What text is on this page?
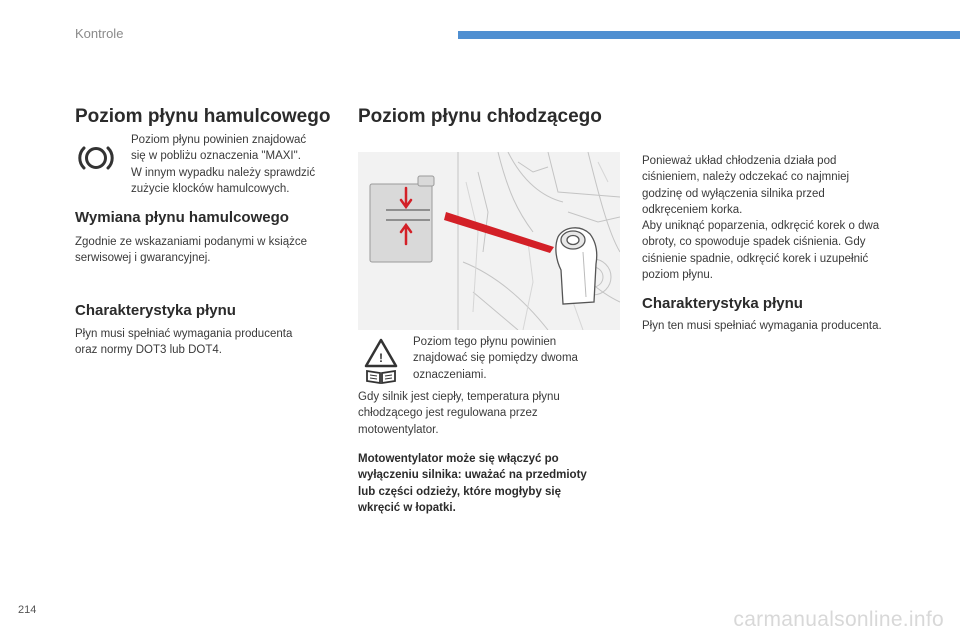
Kontrole
Poziom płynu hamulcowego
Poziom płynu powinien znajdować
się w pobliżu oznaczenia "MAXI".
W innym wypadku należy sprawdzić
zużycie klocków hamulcowych.
Wymiana płynu hamulcowego
Zgodnie ze wskazaniami podanymi w książce
serwisowej i gwarancyjnej.
Charakterystyka płynu
Płyn musi spełniać wymagania producenta
oraz normy DOT3 lub DOT4.
Poziom płynu chłodzącego
!
Poziom tego płynu powinien
znajdować się pomiędzy dwoma
oznaczeniami.
Gdy silnik jest ciepły, temperatura płynu
chłodzącego jest regulowana przez
motowentylator.
Motowentylator może się włączyć po
wyłączeniu silnika: uważać na przedmioty
lub części odzieży, które mogłyby się
wkręcić w łopatki.
Ponieważ układ chłodzenia działa pod
ciśnieniem, należy odczekać co najmniej
godzinę od wyłączenia silnika przed
odkręceniem korka.
Aby uniknąć poparzenia, odkręcić korek o dwa
obroty, co spowoduje spadek ciśnienia. Gdy
ciśnienie spadnie, odkręcić korek i uzupełnić
poziom płynu.
Charakterystyka płynu
Płyn ten musi spełniać wymagania producenta.
214	carmanualsonline.info
